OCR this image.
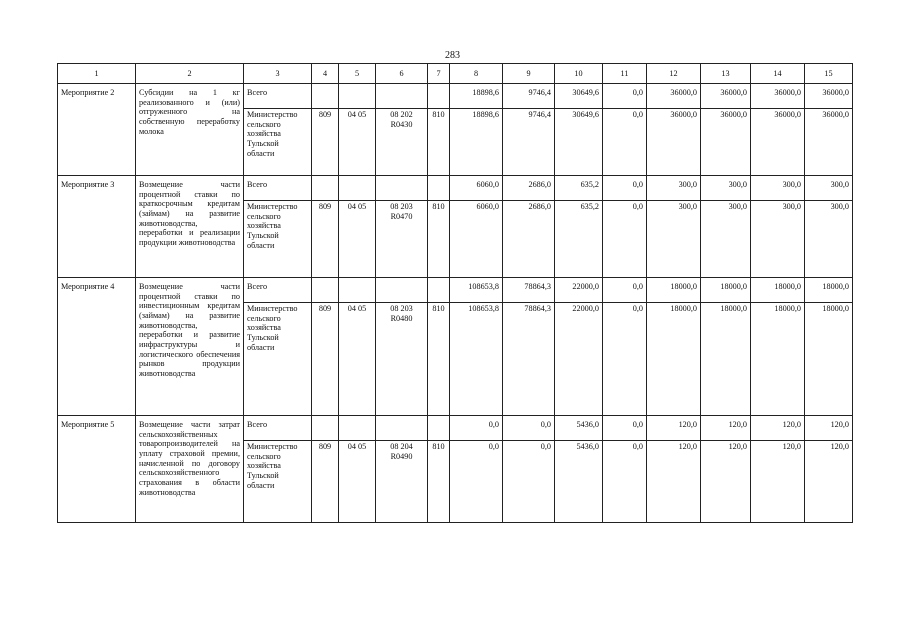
283
1	2	3	4	5	6	7	8	9	10	11	12	13	14	15
Мероприятие 2	Субсидии на 1 кг реализованного и (или) отгруженного на собственную переработку молока	Всего					18898,6	9746,4	30649,6	0,0	36000,0	36000,0	36000,0	36000,0
		Министерство сельского хозяйства Тульской области	809	04 05	08 202 R0430	810	18898,6	9746,4	30649,6	0,0	36000,0	36000,0	36000,0	36000,0
Мероприятие 3	Возмещение части процентной ставки по краткосрочным кредитам (займам) на развитие животноводства, переработки и реализации продукции животноводства	Всего					6060,0	2686,0	635,2	0,0	300,0	300,0	300,0	300,0
		Министерство сельского хозяйства Тульской области	809	04 05	08 203 R0470	810	6060,0	2686,0	635,2	0,0	300,0	300,0	300,0	300,0
Мероприятие 4	Возмещение части процентной ставки по инвестиционным кредитам (займам) на развитие животноводства, переработки и развитие инфраструктуры и логистического обеспечения рынков продукции животноводства	Всего					108653,8	78864,3	22000,0	0,0	18000,0	18000,0	18000,0	18000,0
		Министерство сельского хозяйства Тульской области	809	04 05	08 203 R0480	810	108653,8	78864,3	22000,0	0,0	18000,0	18000,0	18000,0	18000,0
Мероприятие 5	Возмещение части затрат сельскохозяйственных товаропроизводителей на уплату страховой премии, начисленной по договору сельскохозяйственного страхования в области животноводства	Всего					0,0	0,0	5436,0	0,0	120,0	120,0	120,0	120,0
		Министерство сельского хозяйства Тульской области	809	04 05	08 204 R0490	810	0,0	0,0	5436,0	0,0	120,0	120,0	120,0	120,0
